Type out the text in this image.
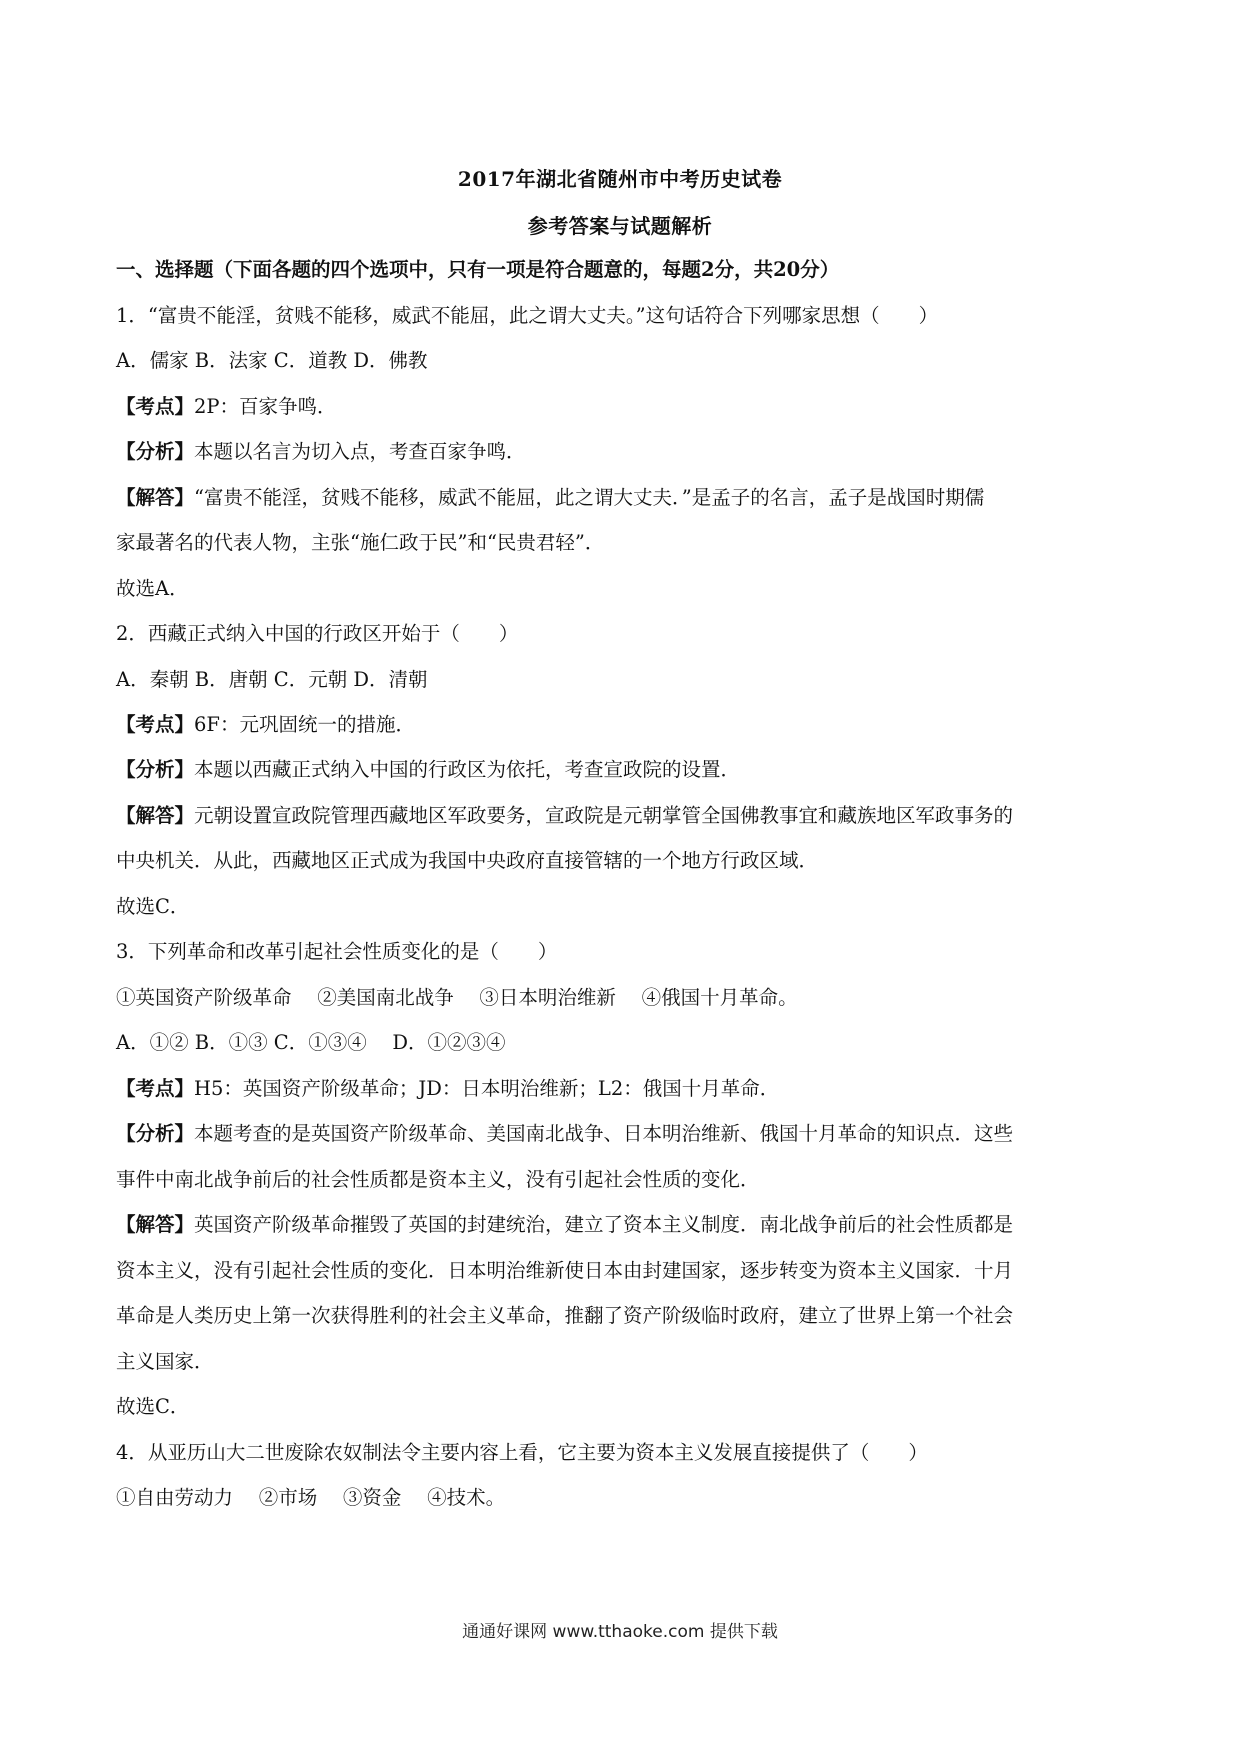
2017年湖北省随州市中考历史试卷
参考答案与试题解析
一、选择题（下面各题的四个选项中，只有一项是符合题意的，每题2分，共20分）
1．“富贵不能淫，贫贱不能移，威武不能屈，此之谓大丈夫。”这句话符合下列哪家思想（　　）
A．儒家 B．法家 C．道教 D．佛教
【考点】2P：百家争鸣．
【分析】本题以名言为切入点，考查百家争鸣．
【解答】“富贵不能淫，贫贱不能移，威武不能屈，此之谓大丈夫．”是孟子的名言，孟子是战国时期儒
家最著名的代表人物，主张“施仁政于民”和“民贵君轻”．
故选A．
2．西藏正式纳入中国的行政区开始于（　　）
A．秦朝 B．唐朝 C．元朝 D．清朝
【考点】6F：元巩固统一的措施．
【分析】本题以西藏正式纳入中国的行政区为依托，考查宣政院的设置．
【解答】元朝设置宣政院管理西藏地区军政要务，宣政院是元朝掌管全国佛教事宜和藏族地区军政事务的
中央机关．从此，西藏地区正式成为我国中央政府直接管辖的一个地方行政区域．
故选C．
3．下列革命和改革引起社会性质变化的是（　　）
①英国资产阶级革命　 ②美国南北战争　 ③日本明治维新　 ④俄国十月革命。
A．①② B．①③ C．①③④　 D．①②③④
【考点】H5：英国资产阶级革命；JD：日本明治维新；L2：俄国十月革命．
【分析】本题考查的是英国资产阶级革命、美国南北战争、日本明治维新、俄国十月革命的知识点．这些
事件中南北战争前后的社会性质都是资本主义，没有引起社会性质的变化．
【解答】英国资产阶级革命摧毁了英国的封建统治，建立了资本主义制度．南北战争前后的社会性质都是
资本主义，没有引起社会性质的变化．日本明治维新使日本由封建国家，逐步转变为资本主义国家．十月
革命是人类历史上第一次获得胜利的社会主义革命，推翻了资产阶级临时政府，建立了世界上第一个社会
主义国家．
故选C．
4．从亚历山大二世废除农奴制法令主要内容上看，它主要为资本主义发展直接提供了（　　）
①自由劳动力　 ②市场　 ③资金　 ④技术。
通通好课网 www.tthaoke.com 提供下载
